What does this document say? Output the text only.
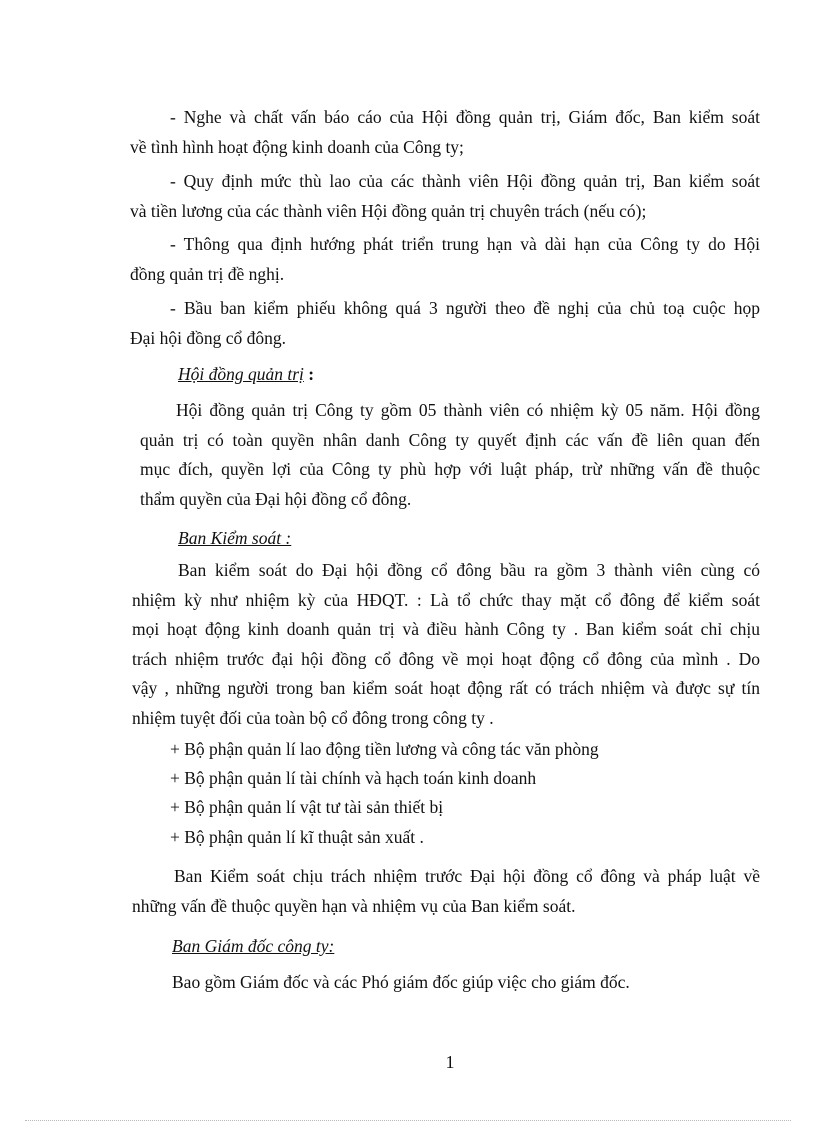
- Nghe và chất vấn báo cáo của Hội đồng quản trị, Giám đốc, Ban kiểm soát
về tình hình hoạt động kinh doanh của Công ty;
- Quy định mức thù lao của các thành viên Hội đồng quản trị, Ban kiểm soát
và tiền lương của các thành viên Hội đồng quản trị chuyên trách (nếu có);
- Thông qua định hướng phát triển trung hạn và dài hạn của Công ty do Hội
đồng quản trị đề nghị.
- Bầu ban kiểm phiếu không quá 3 người theo đề nghị của chủ toạ cuộc họp
Đại hội đồng cổ đông.
Hội đồng quản trị :
Hội đồng quản trị Công ty gồm 05 thành viên có nhiệm kỳ 05 năm. Hội đồng
quản trị có toàn quyền nhân danh Công ty quyết định các vấn đề liên quan đến
mục đích, quyền lợi của Công ty phù hợp với luật pháp, trừ những vấn đề thuộc
thẩm quyền của Đại hội đồng cổ đông.
Ban Kiểm soát :
Ban kiểm soát do Đại hội đồng cổ đông bầu ra gồm 3 thành viên cùng có
nhiệm kỳ như nhiệm kỳ của HĐQT. : Là tổ chức thay mặt cổ đông để kiểm soát
mọi hoạt động kinh doanh quản trị và điều hành Công ty . Ban kiểm soát chỉ chịu
trách nhiệm trước đại hội đồng cổ đông về mọi hoạt động cổ đông của mình . Do
vậy , những người trong ban kiểm soát hoạt động rất có trách nhiệm và được sự tín
nhiệm tuyệt đối của toàn bộ cổ đông trong công ty .
+ Bộ phận quản lí lao động tiền lương và công tác văn phòng
+ Bộ phận quản lí tài chính và hạch toán kinh doanh
+ Bộ phận quản lí vật tư tài sản thiết bị
+ Bộ phận quản lí kĩ thuật sản xuất .
Ban Kiểm soát chịu trách nhiệm trước Đại hội đồng cổ đông và pháp luật về
những vấn đề thuộc quyền hạn và nhiệm vụ của Ban kiểm soát.
Ban Giám đốc công ty:
Bao gồm Giám đốc và các Phó giám đốc giúp việc cho giám đốc.
1
